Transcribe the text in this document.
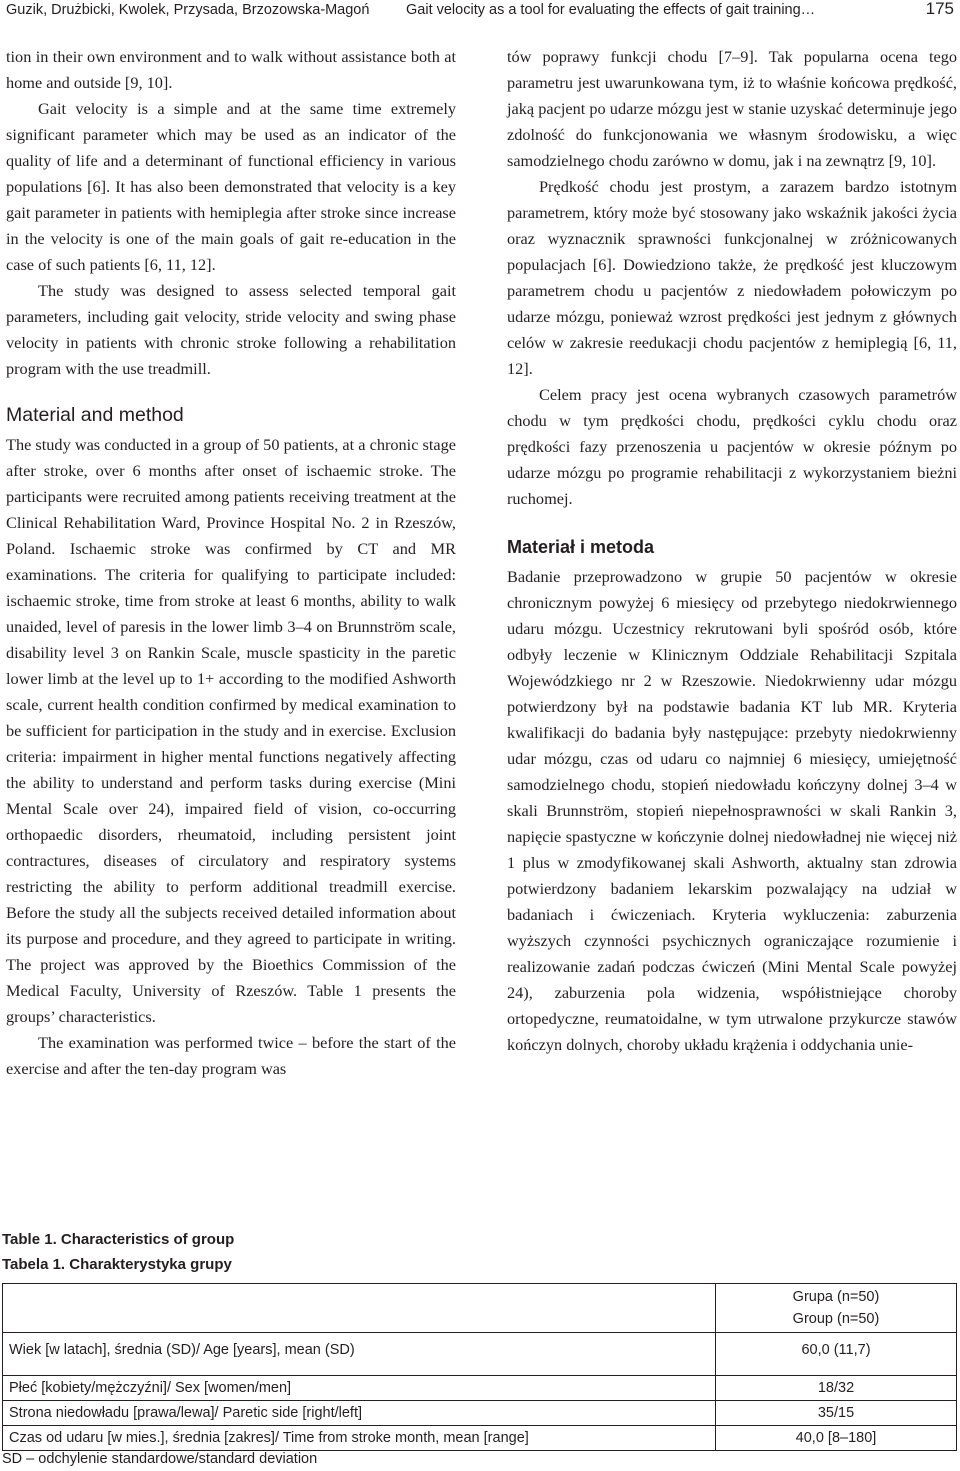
Guzik, Drużbicki, Kwolek, Przysada, Brzozowska-Magoń	Gait velocity as a tool for evaluating the effects of gait training…	175

tion in their own environment and to walk without assistance both at home and outside [9, 10].

Gait velocity is a simple and at the same time extremely significant parameter which may be used as an indicator of the quality of life and a determinant of functional efficiency in various populations [6]. It has also been demonstrated that velocity is a key gait parameter in patients with hemiplegia after stroke since increase in the velocity is one of the main goals of gait re-education in the case of such patients [6, 11, 12].

The study was designed to assess selected temporal gait parameters, including gait velocity, stride velocity and swing phase velocity in patients with chronic stroke following a rehabilitation program with the use treadmill.

Material and method

The study was conducted in a group of 50 patients, at a chronic stage after stroke, over 6 months after onset of ischaemic stroke. The participants were recruited among patients receiving treatment at the Clinical Rehabilitation Ward, Province Hospital No. 2 in Rzeszów, Poland. Ischaemic stroke was confirmed by CT and MR examinations. The criteria for qualifying to participate included: ischaemic stroke, time from stroke at least 6 months, ability to walk unaided, level of paresis in the lower limb 3–4 on Brunnström scale, disability level 3 on Rankin Scale, muscle spasticity in the paretic lower limb at the level up to 1+ according to the modified Ashworth scale, current health condition confirmed by medical examination to be sufficient for participation in the study and in exercise. Exclusion criteria: impairment in higher mental functions negatively affecting the ability to understand and perform tasks during exercise (Mini Mental Scale over 24), impaired field of vision, co-occurring orthopaedic disorders, rheumatoid, including persistent joint contractures, diseases of circulatory and respiratory systems restricting the ability to perform additional treadmill exercise. Before the study all the subjects received detailed information about its purpose and procedure, and they agreed to participate in writing. The project was approved by the Bioethics Commission of the Medical Faculty, University of Rzeszów. Table 1 presents the groups’ characteristics.

The examination was performed twice – before the start of the exercise and after the ten-day program was

tów poprawy funkcji chodu [7–9]. Tak popularna ocena tego parametru jest uwarunkowana tym, iż to właśnie końcowa prędkość, jaką pacjent po udarze mózgu jest w stanie uzyskać determinuje jego zdolność do funkcjonowania we własnym środowisku, a więc samodzielnego chodu zarówno w domu, jak i na zewnątrz [9, 10].

Prędkość chodu jest prostym, a zarazem bardzo istotnym parametrem, który może być stosowany jako wskaźnik jakości życia oraz wyznacznik sprawności funkcjonalnej w zróżnicowanych populacjach [6]. Dowiedziono także, że prędkość jest kluczowym parametrem chodu u pacjentów z niedowładem połowiczym po udarze mózgu, ponieważ wzrost prędkości jest jednym z głównych celów w zakresie reedukacji chodu pacjentów z hemiplegią [6, 11, 12].

Celem pracy jest ocena wybranych czasowych parametrów chodu w tym prędkości chodu, prędkości cyklu chodu oraz prędkości fazy przenoszenia u pacjentów w okresie późnym po udarze mózgu po programie rehabilitacji z wykorzystaniem bieżni ruchomej.

Materiał i metoda

Badanie przeprowadzono w grupie 50 pacjentów w okresie chronicznym powyżej 6 miesięcy od przebytego niedokrwiennego udaru mózgu. Uczestnicy rekrutowani byli spośród osób, które odbyły leczenie w Klinicznym Oddziale Rehabilitacji Szpitala Wojewódzkiego nr 2 w Rzeszowie. Niedokrwienny udar mózgu potwierdzony był na podstawie badania KT lub MR. Kryteria kwalifikacji do badania były następujące: przebyty niedokrwienny udar mózgu, czas od udaru co najmniej 6 miesięcy, umiejętność samodzielnego chodu, stopień niedowładu kończyny dolnej 3–4 w skali Brunnström, stopień niepełnosprawności w skali Rankin 3, napięcie spastyczne w kończynie dolnej niedowładnej nie więcej niż 1 plus w zmodyfikowanej skali Ashworth, aktualny stan zdrowia potwierdzony badaniem lekarskim pozwalający na udział w badaniach i ćwiczeniach. Kryteria wykluczenia: zaburzenia wyższych czynności psychicznych ograniczające rozumienie i realizowanie zadań podczas ćwiczeń (Mini Mental Scale powyżej 24), zaburzenia pola widzenia, współistniejące choroby ortopedyczne, reumatoidalne, w tym utrwalone przykurcze stawów kończyn dolnych, choroby układu krążenia i oddychania unie-

Table 1. Characteristics of group
Tabela 1. Charakterystyka grupy

	Grupa (n=50)
Group (n=50)

Wiek [w latach], średnia (SD)/ Age [years], mean (SD)	60,0 (11,7)

Płeć [kobiety/mężczyźni]/ Sex [women/men]	18/32
Strona niedowładu [prawa/lewa]/ Paretic side [right/left]	35/15
Czas od udaru [w mies.], średnia [zakres]/ Time from stroke month, mean [range]	40,0 [8–180]
SD – odchylenie standardowe/standard deviation
